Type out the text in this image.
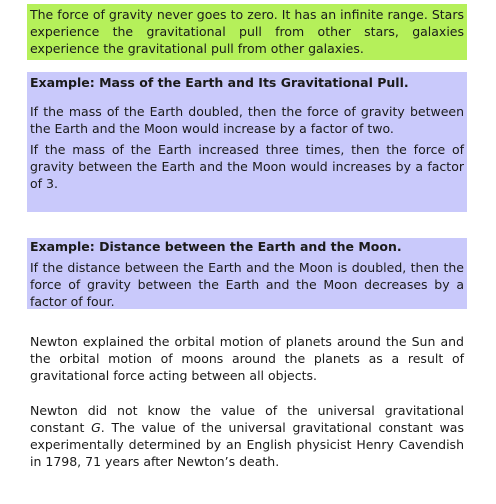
The force of gravity never goes to zero. It has an infinite range. Stars experience the gravitational pull from other stars, galaxies experience the gravitational pull from other galaxies.

Example: Mass of the Earth and Its Gravitational Pull.

If the mass of the Earth doubled, then the force of gravity between the Earth and the Moon would increase by a factor of two.

If the mass of the Earth increased three times, then the force of gravity between the Earth and the Moon would increases by a factor of 3.

Example: Distance between the Earth and the Moon.

If the distance between the Earth and the Moon is doubled, then the force of gravity between the Earth and the Moon decreases by a factor of four.

Newton explained the orbital motion of planets around the Sun and the orbital motion of moons around the planets as a result of gravitational force acting between all objects.

Newton did not know the value of the universal gravitational constant G. The value of the universal gravitational constant was experimentally determined by an English physicist Henry Cavendish in 1798, 71 years after Newton’s death.
